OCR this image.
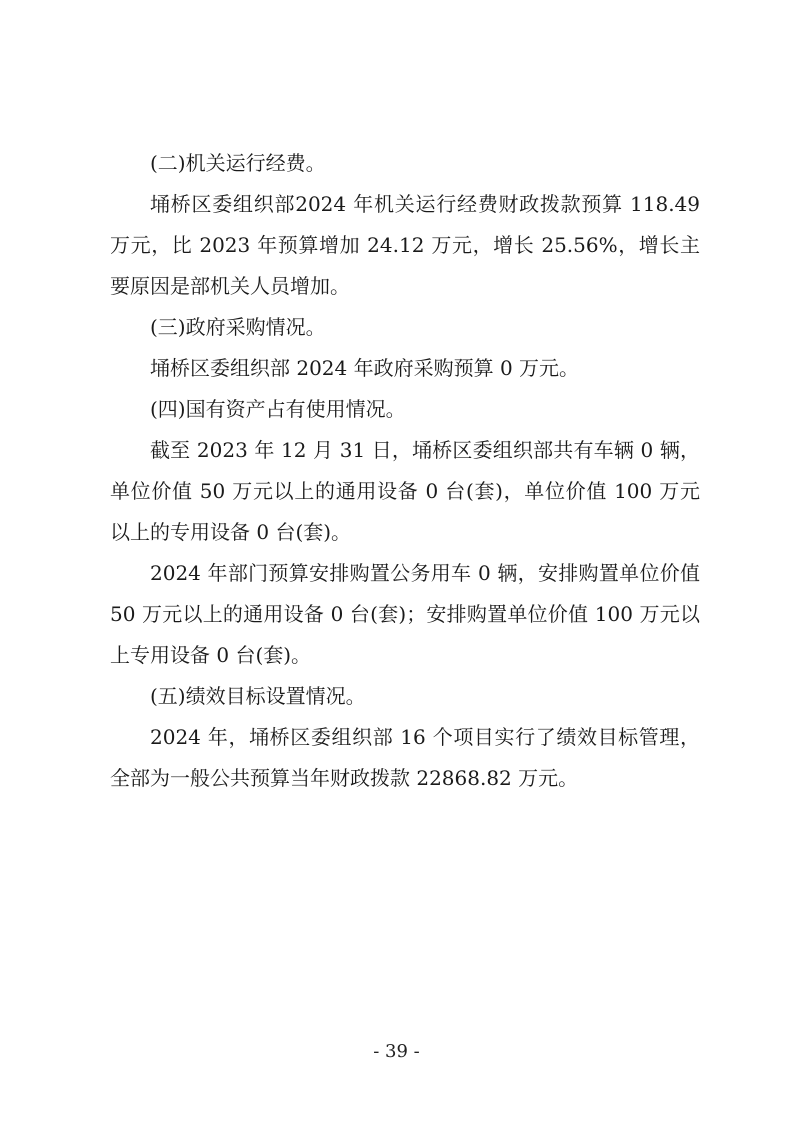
(二)机关运行经费。

埇桥区委组织部2024 年机关运行经费财政拨款预算 118.49万元，比 2023 年预算增加 24.12 万元，增长 25.56%，增长主要原因是部机关人员增加。

(三)政府采购情况。

埇桥区委组织部 2024 年政府采购预算 0 万元。

(四)国有资产占有使用情况。

截至 2023 年 12 月 31 日，埇桥区委组织部共有车辆 0 辆，单位价值 50 万元以上的通用设备 0 台(套)，单位价值 100 万元以上的专用设备 0 台(套)。

2024 年部门预算安排购置公务用车 0 辆，安排购置单位价值 50 万元以上的通用设备 0 台(套)；安排购置单位价值 100 万元以上专用设备 0 台(套)。

(五)绩效目标设置情况。

2024 年，埇桥区委组织部 16 个项目实行了绩效目标管理，全部为一般公共预算当年财政拨款 22868.82 万元。

- 39 -
